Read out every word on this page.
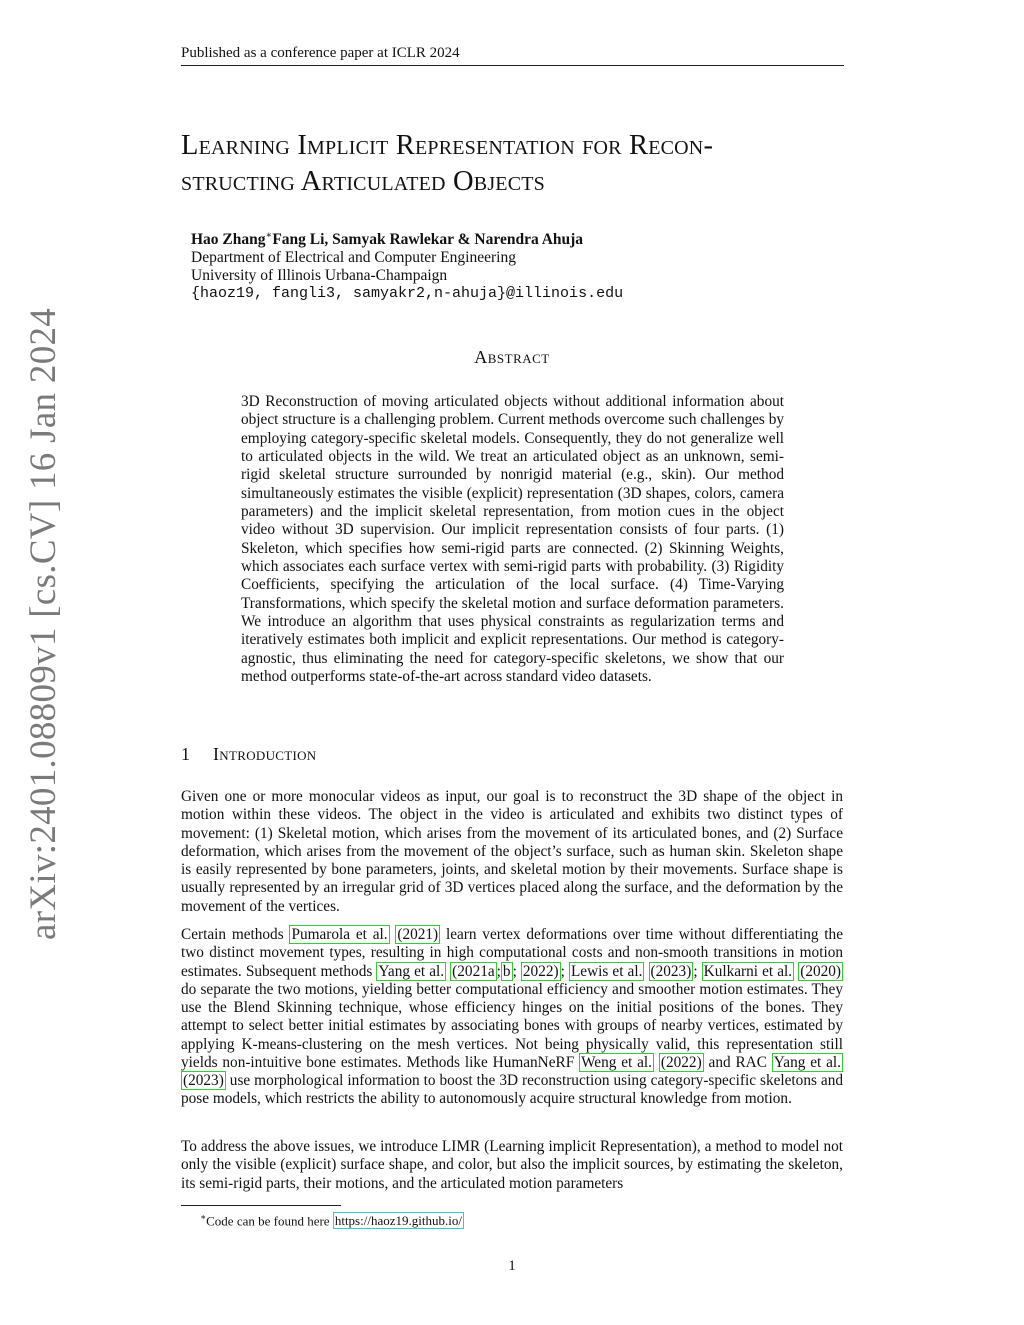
Published as a conference paper at ICLR 2024
Learning Implicit Representation for Recon-
structing Articulated Objects
Hao Zhang∗Fang Li, Samyak Rawlekar & Narendra Ahuja
Department of Electrical and Computer Engineering
University of Illinois Urbana-Champaign
{haoz19, fangli3, samyakr2,n-ahuja}@illinois.edu
arXiv:2401.08809v1 [cs.CV] 16 Jan 2024	Abstract

3D Reconstruction of moving articulated objects without additional information about object structure is a challenging problem. Current methods overcome such challenges by employing category-specific skeletal models. Consequently, they do not generalize well to articulated objects in the wild. We treat an articulated object as an unknown, semi-rigid skeletal structure surrounded by nonrigid material (e.g., skin). Our method simultaneously estimates the visible (explicit) representation (3D shapes, colors, camera parameters) and the implicit skeletal representation, from motion cues in the object video without 3D supervision. Our implicit representation consists of four parts. (1) Skeleton, which specifies how semi-rigid parts are connected. (2) Skinning Weights, which associates each surface vertex with semi-rigid parts with probability. (3) Rigidity Coefficients, specifying the articulation of the local surface. (4) Time-Varying Transformations, which specify the skeletal motion and surface deformation parameters. We introduce an algorithm that uses physical constraints as regularization terms and iteratively estimates both implicit and explicit representations. Our method is category-agnostic, thus eliminating the need for category-specific skeletons, we show that our method outperforms state-of-the-art across standard video datasets.

1 Introduction

Given one or more monocular videos as input, our goal is to reconstruct the 3D shape of the object in motion within these videos. The object in the video is articulated and exhibits two distinct types of movement: (1) Skeletal motion, which arises from the movement of its articulated bones, and (2) Surface deformation, which arises from the movement of the object’s surface, such as human skin. Skeleton shape is easily represented by bone parameters, joints, and skeletal motion by their movements. Surface shape is usually represented by an irregular grid of 3D vertices placed along the surface, and the deformation by the movement of the vertices.

Certain methods Pumarola et al. (2021) learn vertex deformations over time without differentiating the two distinct movement types, resulting in high computational costs and non-smooth transitions in motion estimates. Subsequent methods Yang et al. (2021a ; b ; 2022) ; Lewis et al. (2023) ; Kulkarni et al. (2020) do separate the two motions, yielding better computational efficiency and smoother motion estimates. They use the Blend Skinning technique, whose efficiency hinges on the initial positions of the bones. They attempt to select better initial estimates by associating bones with groups of nearby vertices, estimated by applying K-means-clustering on the mesh vertices. Not being physically valid, this representation still yields non-intuitive bone estimates. Methods like HumanNeRF Weng et al. (2022) and RAC Yang et al. (2023) use morphological information to boost the 3D reconstruction using category-specific skeletons and pose models, which restricts the ability to autonomously acquire structural knowledge from motion.

To address the above issues, we introduce LIMR (Learning implicit Representation), a method to model not only the visible (explicit) surface shape, and color, but also the implicit sources, by estimating the skeleton, its semi-rigid parts, their motions, and the articulated motion parameters

∗Code can be found here https://haoz19.github.io/
1
